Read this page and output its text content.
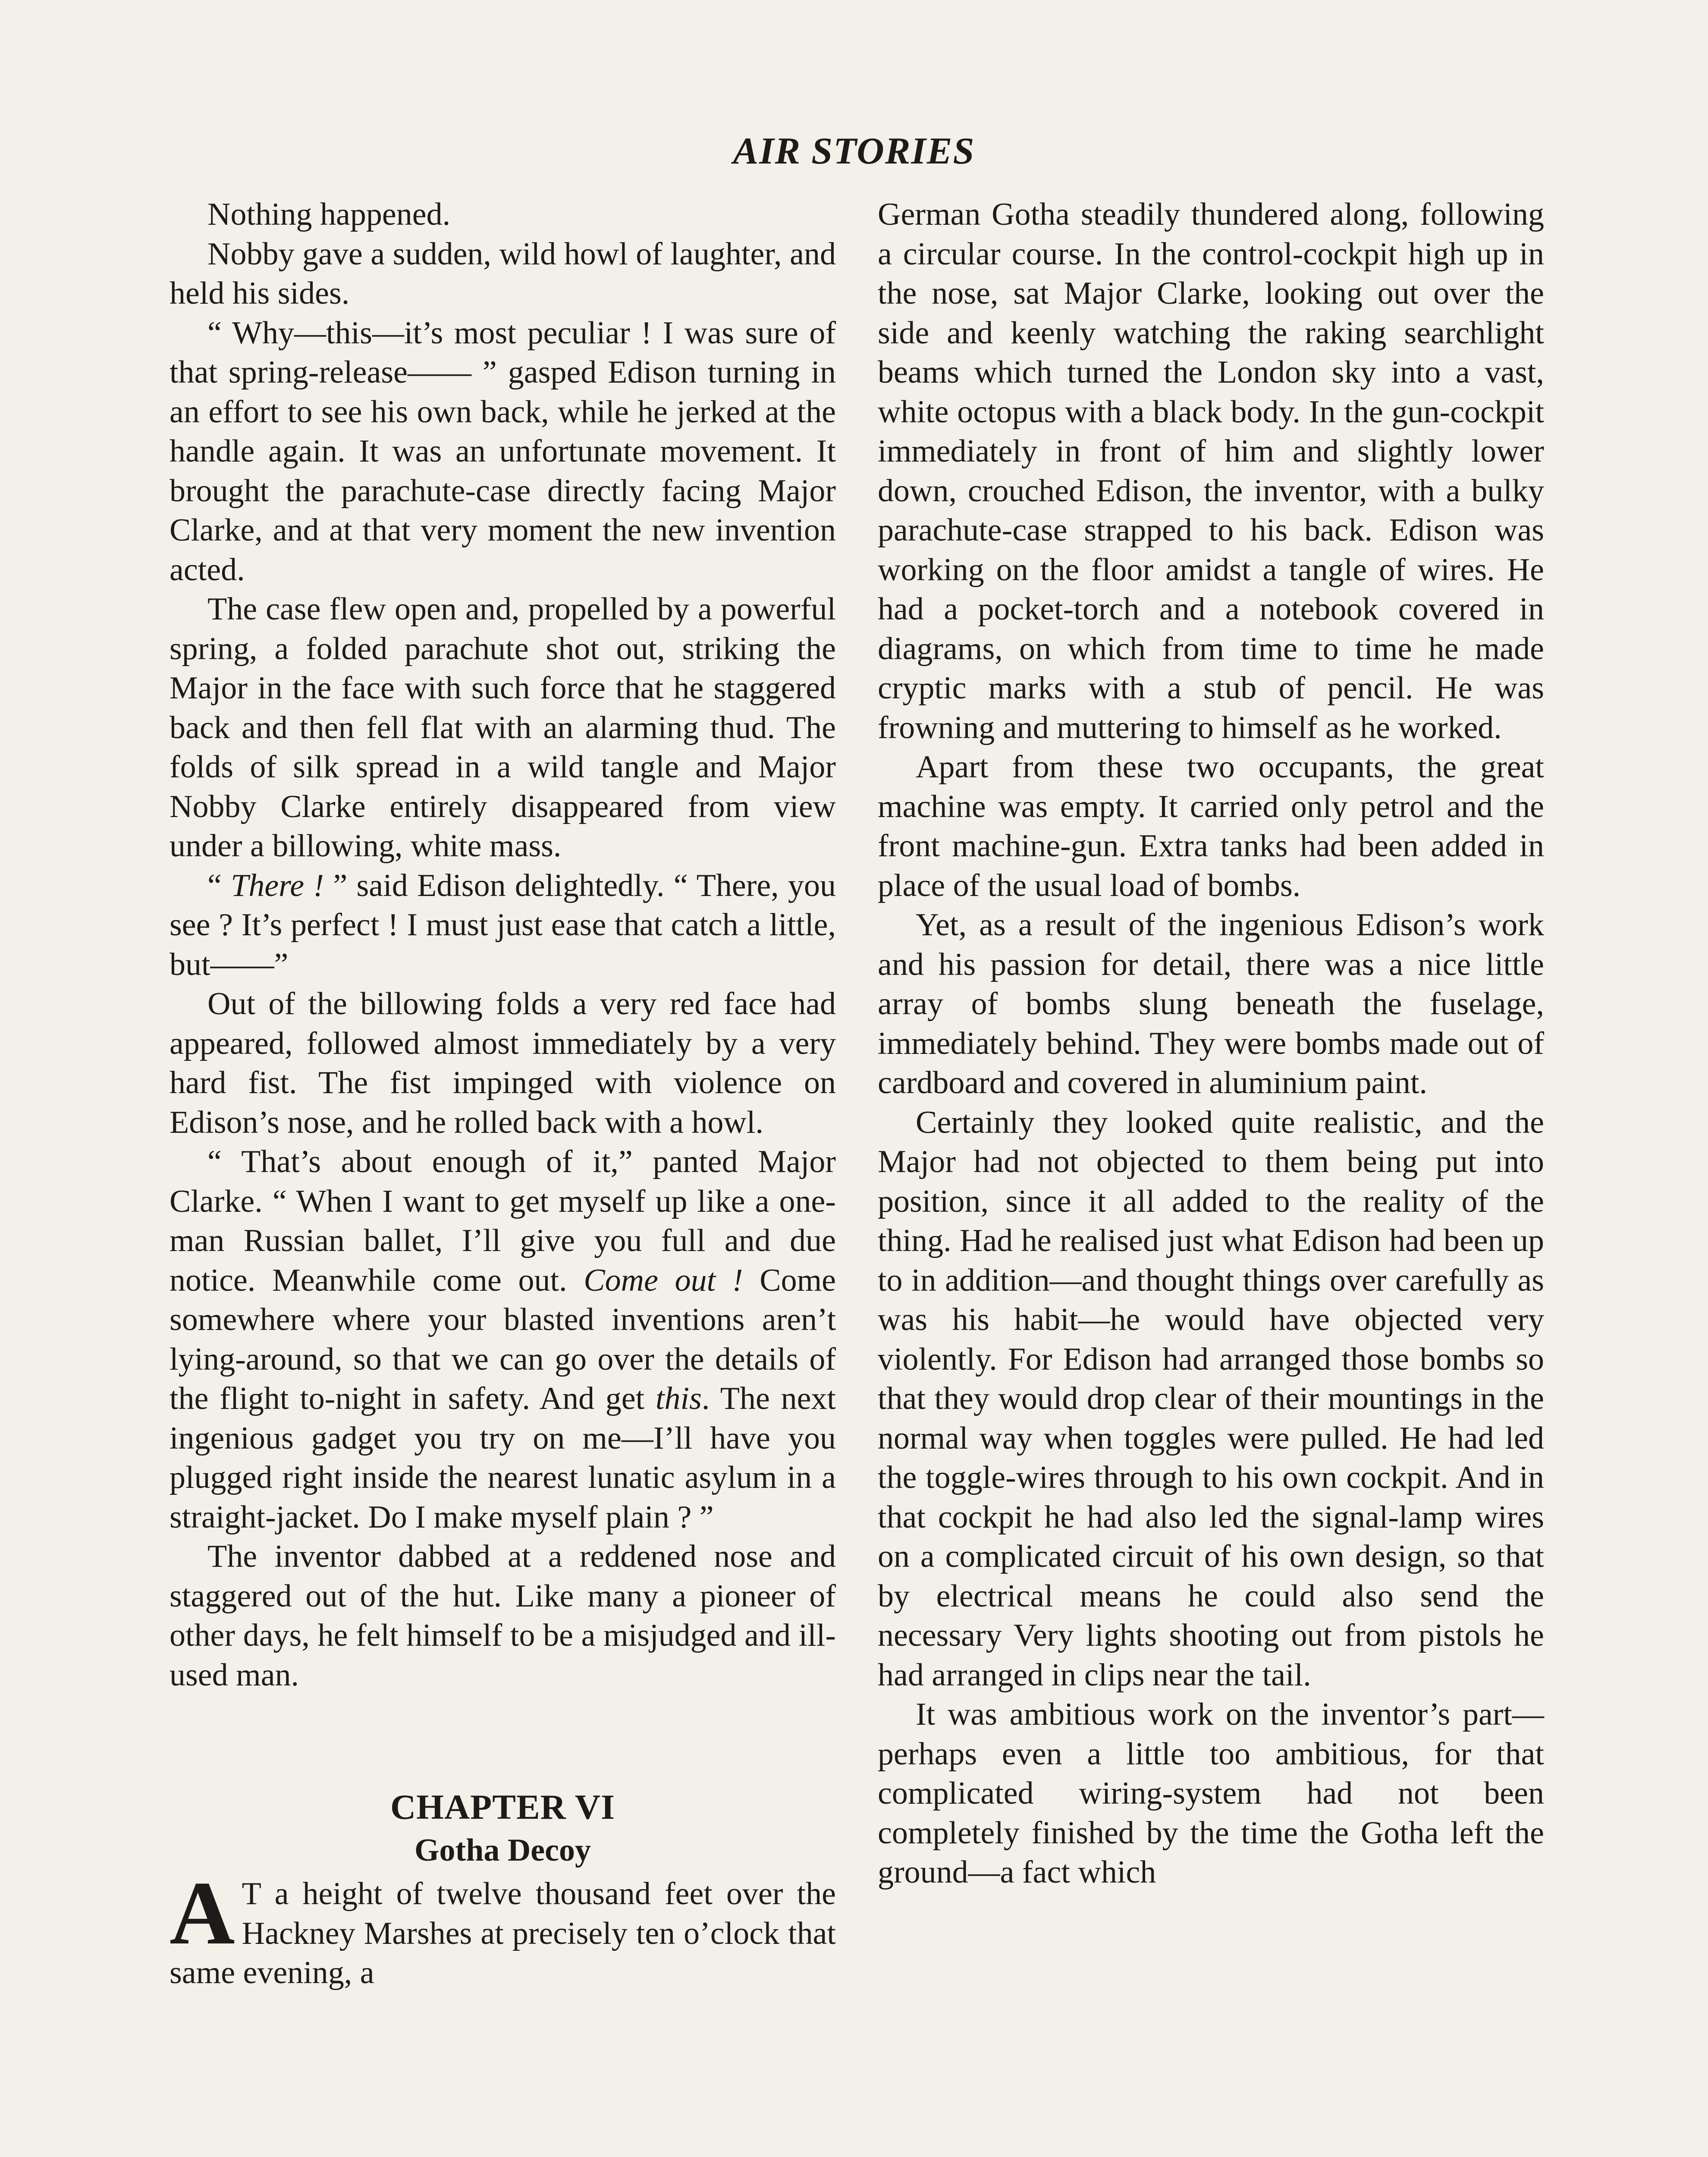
AIR STORIES

Nothing happened.

Nobby gave a sudden, wild howl of laughter, and held his sides.

“ Why—this—it’s most peculiar ! I was sure of that spring-release—— ” gasped Edison turning in an effort to see his own back, while he jerked at the handle again. It was an unfortunate movement. It brought the parachute-case directly facing Major Clarke, and at that very moment the new invention acted.

The case flew open and, propelled by a powerful spring, a folded parachute shot out, striking the Major in the face with such force that he staggered back and then fell flat with an alarming thud. The folds of silk spread in a wild tangle and Major Nobby Clarke entirely disappeared from view under a billowing, white mass.

“ There ! ” said Edison delightedly. “ There, you see ? It’s perfect ! I must just ease that catch a little, but——”

Out of the billowing folds a very red face had appeared, followed almost immediately by a very hard fist. The fist impinged with violence on Edison’s nose, and he rolled back with a howl.

“ That’s about enough of it,” panted Major Clarke. “ When I want to get myself up like a one-man Russian ballet, I’ll give you full and due notice. Meanwhile come out. Come out ! Come somewhere where your blasted inventions aren’t lying-around, so that we can go over the details of the flight to-night in safety. And get this. The next ingenious gadget you try on me—I’ll have you plugged right inside the nearest lunatic asylum in a straight-jacket. Do I make myself plain ? ”

The inventor dabbed at a reddened nose and staggered out of the hut. Like many a pioneer of other days, he felt himself to be a misjudged and ill-used man.

CHAPTER VI
Gotha Decoy

A T a height of twelve thousand feet over the Hackney Marshes at precisely ten o’clock that same evening, a

German Gotha steadily thundered along, following a circular course. In the control-cockpit high up in the nose, sat Major Clarke, looking out over the side and keenly watching the raking searchlight beams which turned the London sky into a vast, white octopus with a black body. In the gun-cockpit immediately in front of him and slightly lower down, crouched Edison, the inventor, with a bulky parachute-case strapped to his back. Edison was working on the floor amidst a tangle of wires. He had a pocket-torch and a notebook covered in diagrams, on which from time to time he made cryptic marks with a stub of pencil. He was frowning and muttering to himself as he worked.

Apart from these two occupants, the great machine was empty. It carried only petrol and the front machine-gun. Extra tanks had been added in place of the usual load of bombs.

Yet, as a result of the ingenious Edison’s work and his passion for detail, there was a nice little array of bombs slung beneath the fuselage, immediately behind. They were bombs made out of cardboard and covered in aluminium paint.

Certainly they looked quite realistic, and the Major had not objected to them being put into position, since it all added to the reality of the thing. Had he realised just what Edison had been up to in addition—and thought things over carefully as was his habit—he would have objected very violently. For Edison had arranged those bombs so that they would drop clear of their mountings in the normal way when toggles were pulled. He had led the toggle-wires through to his own cockpit. And in that cockpit he had also led the signal-lamp wires on a complicated circuit of his own design, so that by electrical means he could also send the necessary Very lights shooting out from pistols he had arranged in clips near the tail.

It was ambitious work on the inventor’s part—perhaps even a little too ambitious, for that complicated wiring-system had not been completely finished by the time the Gotha left the ground—a fact which
